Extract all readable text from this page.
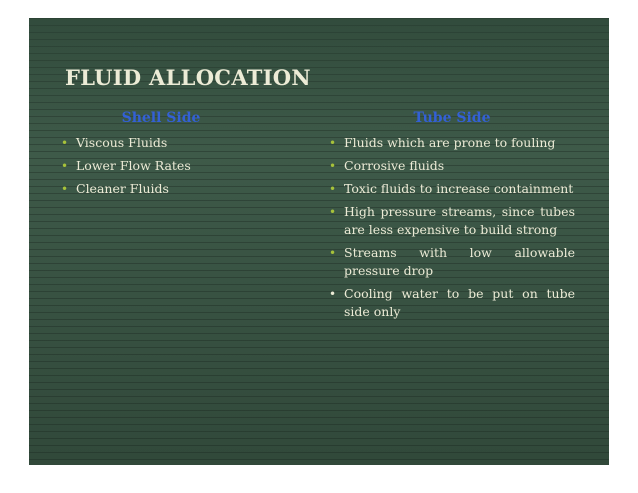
FLUID ALLOCATION
Shell Side
• Viscous Fluids
• Lower Flow Rates
• Cleaner Fluids
Tube Side
• Fluids which are prone to fouling
• Corrosive fluids
• Toxic fluids to increase containment
• High pressure streams, since tubes are less expensive to build strong
• Streams with low allowable pressure drop
• Cooling water to be put on tube side only
